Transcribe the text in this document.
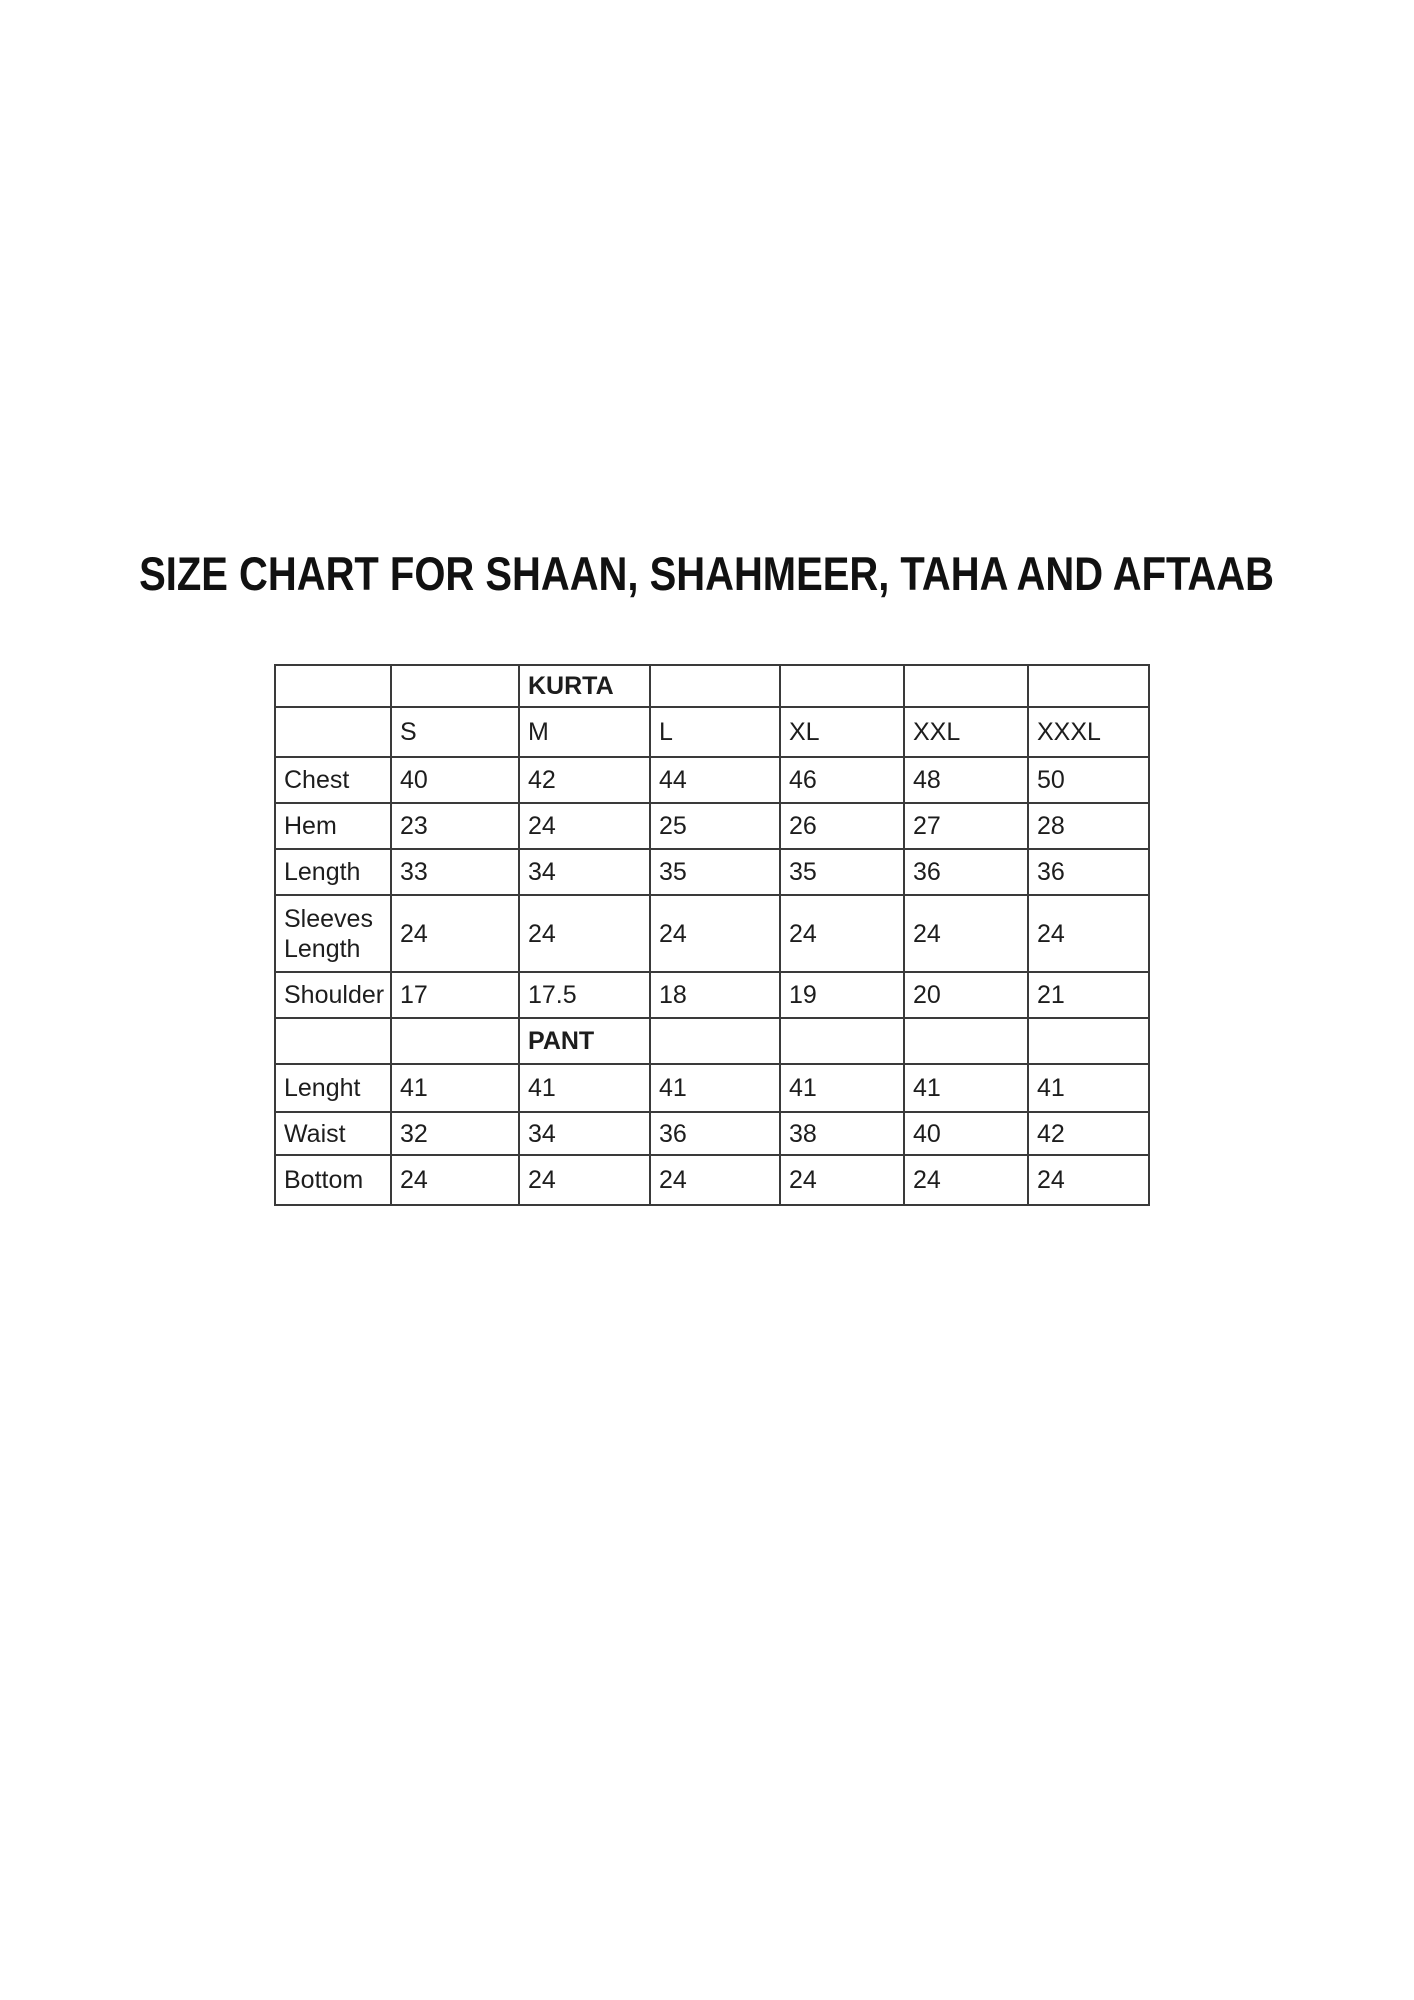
SIZE CHART FOR SHAAN, SHAHMEER, TAHA AND AFTAAB
		KURTA				
	S	M	L	XL	XXL	XXXL
Chest	40	42	44	46	48	50
Hem	23	24	25	26	27	28
Length	33	34	35	35	36	36
Sleeves Length	24	24	24	24	24	24
Shoulder	17	17.5	18	19	20	21
		PANT				
Lenght	41	41	41	41	41	41
Waist	32	34	36	38	40	42
Bottom	24	24	24	24	24	24
